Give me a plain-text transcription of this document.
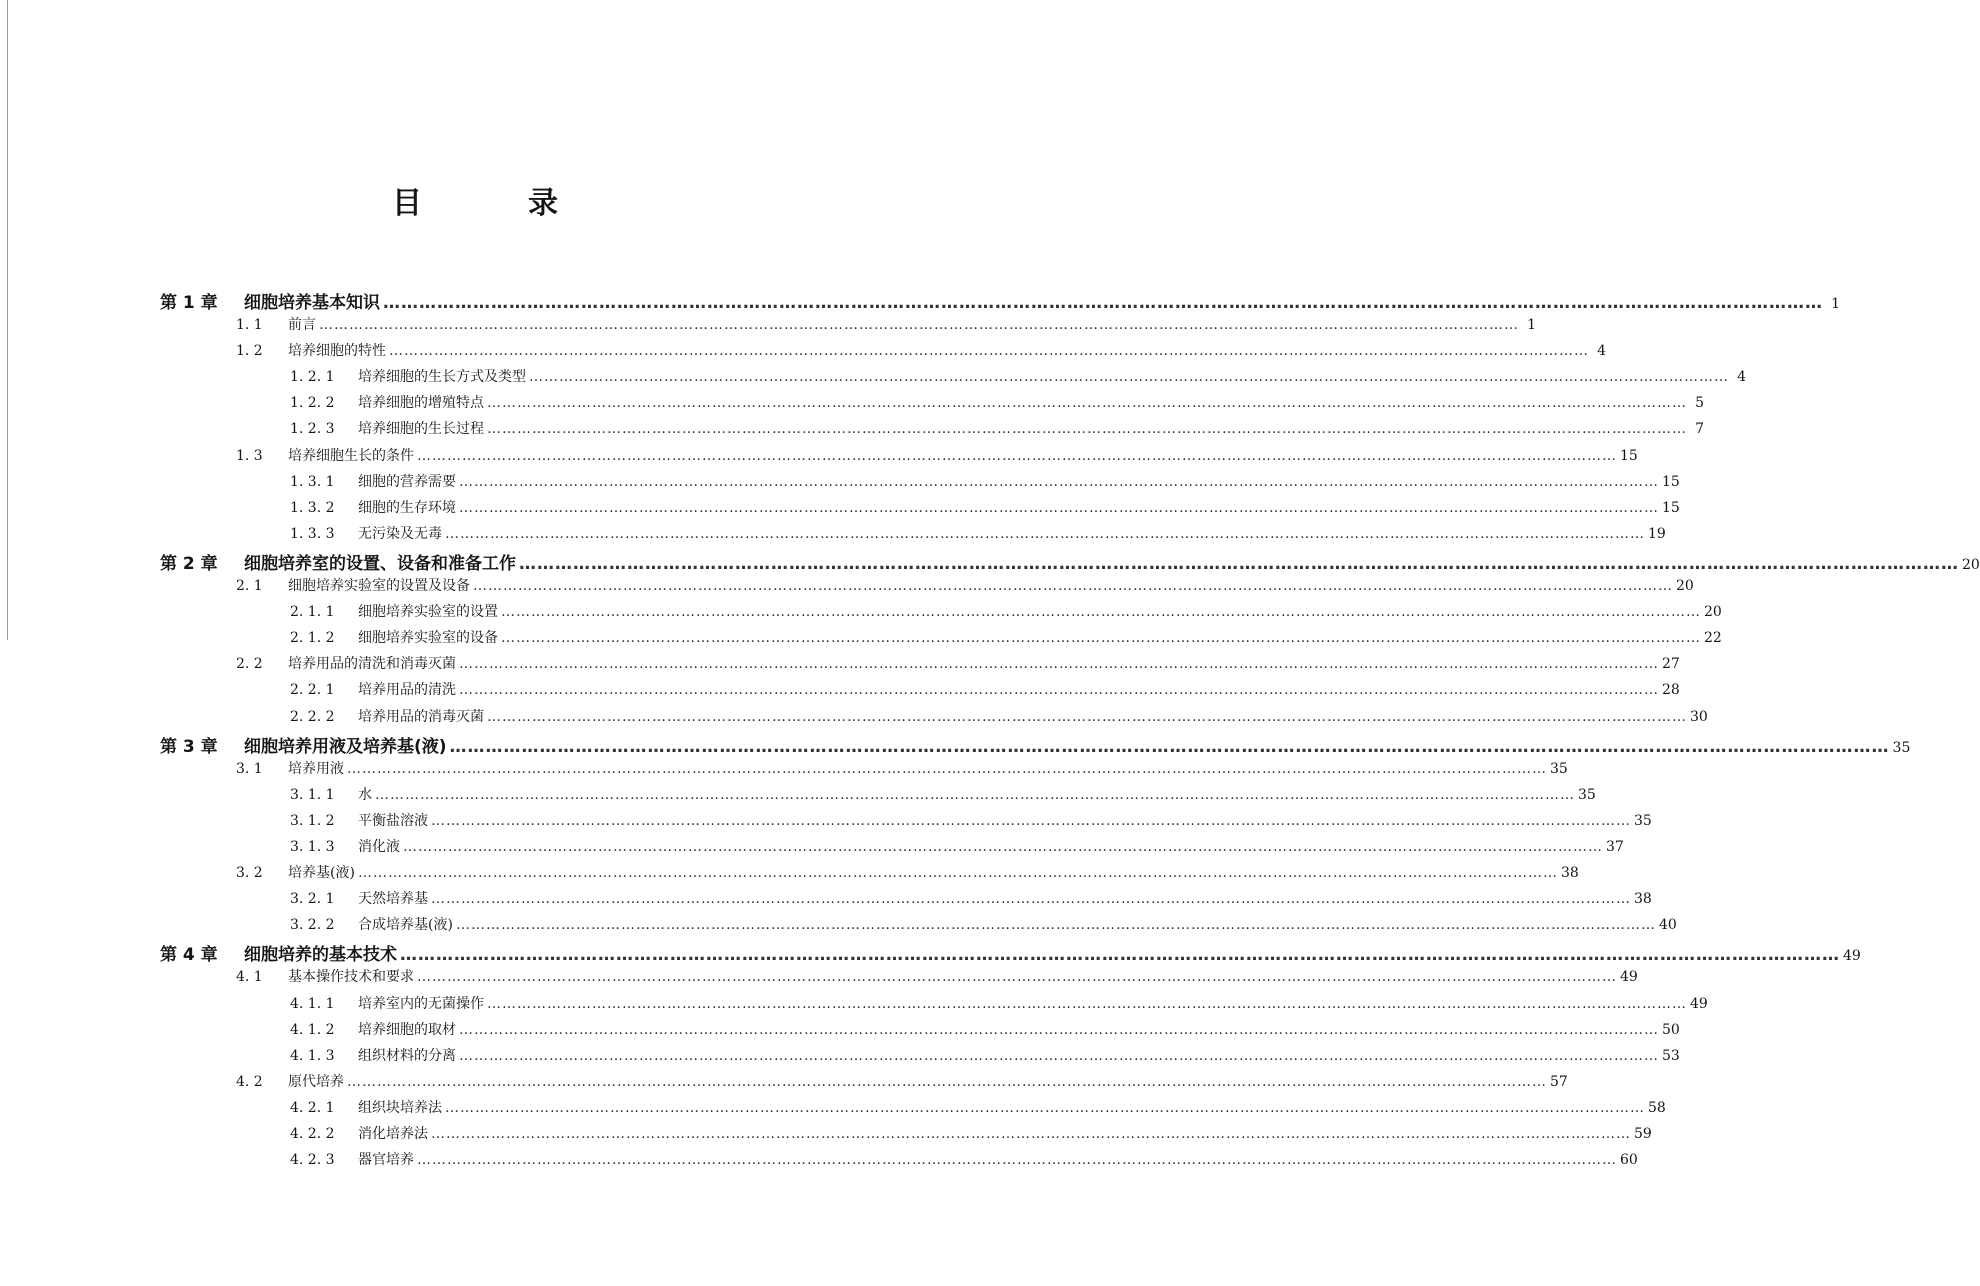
目　录
第 1 章	细胞培养基本知识 …………………………………………………………………………………………………………………………………………………………………………………………………………………… 1
1. 1	前言 …………………………………………………………………………………………………………………………………………………………………………………………………………………… 1
1. 2	培养细胞的特性 …………………………………………………………………………………………………………………………………………………………………………………………………………………… 4
1. 2. 1	培养细胞的生长方式及类型 …………………………………………………………………………………………………………………………………………………………………………………………………………………… 4
1. 2. 2	培养细胞的增殖特点 …………………………………………………………………………………………………………………………………………………………………………………………………………………… 5
1. 2. 3	培养细胞的生长过程 …………………………………………………………………………………………………………………………………………………………………………………………………………………… 7
1. 3	培养细胞生长的条件 …………………………………………………………………………………………………………………………………………………………………………………………………………………… 15
1. 3. 1	细胞的营养需要 …………………………………………………………………………………………………………………………………………………………………………………………………………………… 15
1. 3. 2	细胞的生存环境 …………………………………………………………………………………………………………………………………………………………………………………………………………………… 15
1. 3. 3	无污染及无毒 …………………………………………………………………………………………………………………………………………………………………………………………………………………… 19
第 2 章	细胞培养室的设置、设备和准备工作 …………………………………………………………………………………………………………………………………………………………………………………………………………………… 20
2. 1	细胞培养实验室的设置及设备 …………………………………………………………………………………………………………………………………………………………………………………………………………………… 20
2. 1. 1	细胞培养实验室的设置 …………………………………………………………………………………………………………………………………………………………………………………………………………………… 20
2. 1. 2	细胞培养实验室的设备 …………………………………………………………………………………………………………………………………………………………………………………………………………………… 22
2. 2	培养用品的清洗和消毒灭菌 …………………………………………………………………………………………………………………………………………………………………………………………………………………… 27
2. 2. 1	培养用品的清洗 …………………………………………………………………………………………………………………………………………………………………………………………………………………… 28
2. 2. 2	培养用品的消毒灭菌 …………………………………………………………………………………………………………………………………………………………………………………………………………………… 30
第 3 章	细胞培养用液及培养基(液) …………………………………………………………………………………………………………………………………………………………………………………………………………………… 35
3. 1	培养用液 …………………………………………………………………………………………………………………………………………………………………………………………………………………… 35
3. 1. 1	水 …………………………………………………………………………………………………………………………………………………………………………………………………………………… 35
3. 1. 2	平衡盐溶液 …………………………………………………………………………………………………………………………………………………………………………………………………………………… 35
3. 1. 3	消化液 …………………………………………………………………………………………………………………………………………………………………………………………………………………… 37
3. 2	培养基(液) …………………………………………………………………………………………………………………………………………………………………………………………………………………… 38
3. 2. 1	天然培养基 …………………………………………………………………………………………………………………………………………………………………………………………………………………… 38
3. 2. 2	合成培养基(液) …………………………………………………………………………………………………………………………………………………………………………………………………………………… 40
第 4 章	细胞培养的基本技术 …………………………………………………………………………………………………………………………………………………………………………………………………………………… 49
4. 1	基本操作技术和要求 …………………………………………………………………………………………………………………………………………………………………………………………………………………… 49
4. 1. 1	培养室内的无菌操作 …………………………………………………………………………………………………………………………………………………………………………………………………………………… 49
4. 1. 2	培养细胞的取材 …………………………………………………………………………………………………………………………………………………………………………………………………………………… 50
4. 1. 3	组织材料的分离 …………………………………………………………………………………………………………………………………………………………………………………………………………………… 53
4. 2	原代培养 …………………………………………………………………………………………………………………………………………………………………………………………………………………… 57
4. 2. 1	组织块培养法 …………………………………………………………………………………………………………………………………………………………………………………………………………………… 58
4. 2. 2	消化培养法 …………………………………………………………………………………………………………………………………………………………………………………………………………………… 59
4. 2. 3	器官培养 …………………………………………………………………………………………………………………………………………………………………………………………………………………… 60
